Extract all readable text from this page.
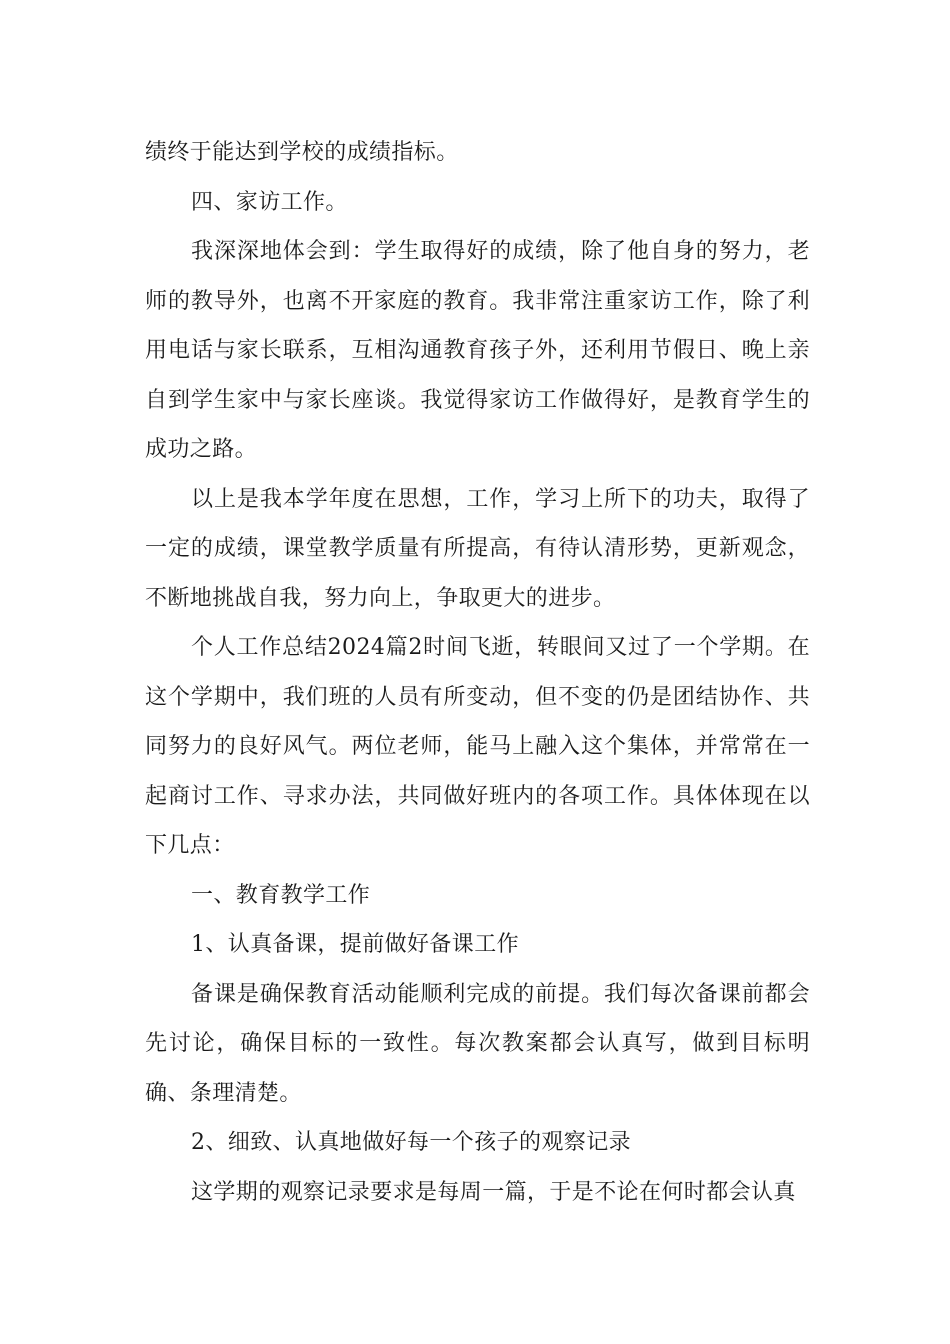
绩终于能达到学校的成绩指标。

四、家访工作。

我深深地体会到：学生取得好的成绩，除了他自身的努力，老师的教导外，也离不开家庭的教育。我非常注重家访工作，除了利用电话与家长联系，互相沟通教育孩子外，还利用节假日、晚上亲自到学生家中与家长座谈。我觉得家访工作做得好，是教育学生的成功之路。

以上是我本学年度在思想，工作，学习上所下的功夫，取得了一定的成绩，课堂教学质量有所提高，有待认清形势，更新观念，不断地挑战自我，努力向上，争取更大的进步。

个人工作总结2024篇2时间飞逝，转眼间又过了一个学期。在这个学期中，我们班的人员有所变动，但不变的仍是团结协作、共同努力的良好风气。两位老师，能马上融入这个集体，并常常在一起商讨工作、寻求办法，共同做好班内的各项工作。具体体现在以下几点：

一、教育教学工作

1、认真备课，提前做好备课工作

备课是确保教育活动能顺利完成的前提。我们每次备课前都会先讨论，确保目标的一致性。每次教案都会认真写，做到目标明确、条理清楚。

2、细致、认真地做好每一个孩子的观察记录

这学期的观察记录要求是每周一篇，于是不论在何时都会认真
